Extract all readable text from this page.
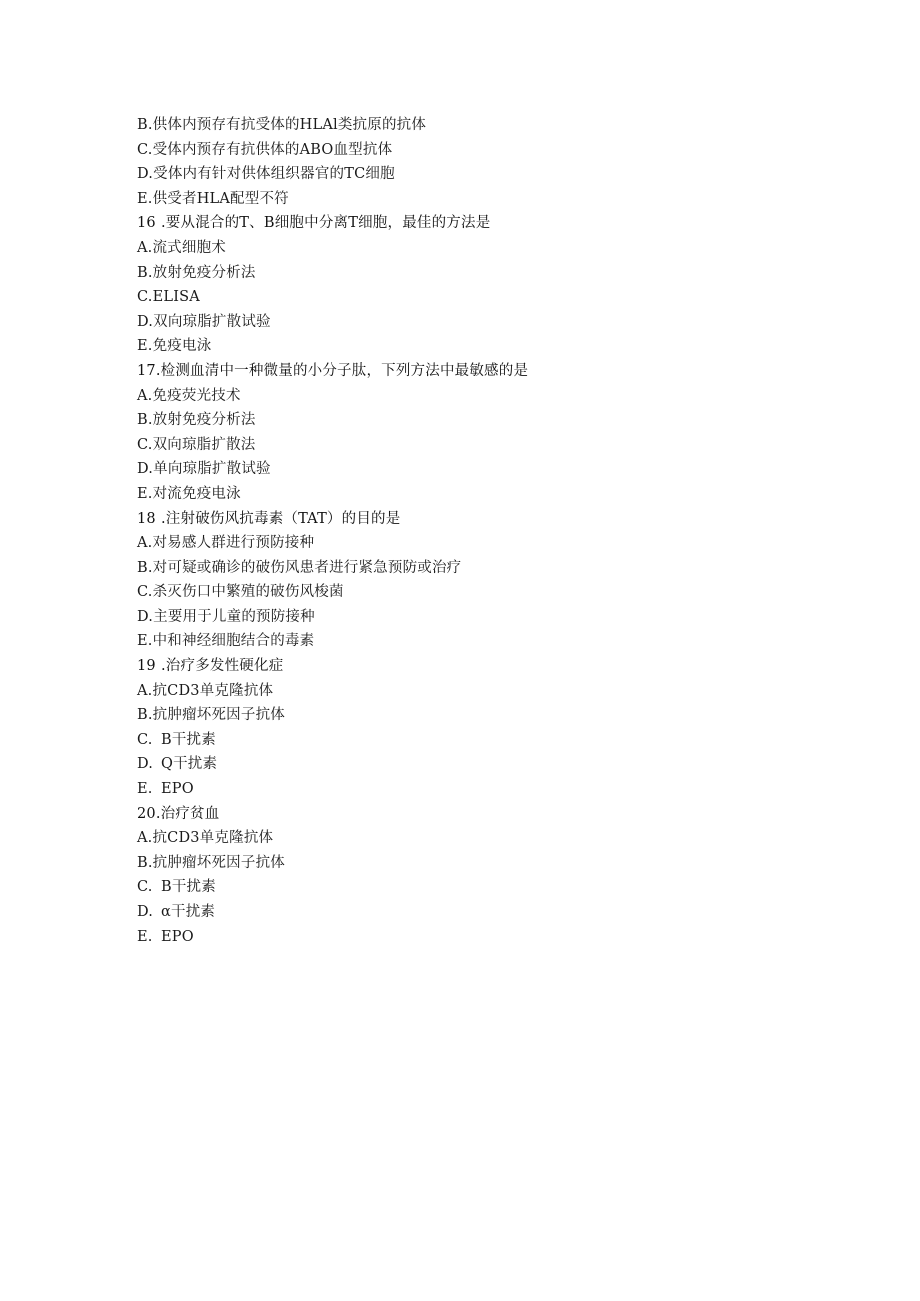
B.供体内预存有抗受体的HLAl类抗原的抗体
C.受体内预存有抗供体的ABO血型抗体
D.受体内有针对供体组织器官的TC细胞
E.供受者HLA配型不符
16	.要从混合的T、B细胞中分离T细胞，最佳的方法是
A.流式细胞术
B.放射免疫分析法
C.ELISA
D.双向琼脂扩散试验
E.免疫电泳
17.检测血清中一种微量的小分子肽，下列方法中最敏感的是
A.免疫荧光技术
B.放射免疫分析法
C.双向琼脂扩散法
D.单向琼脂扩散试验
E.对流免疫电泳
18	.注射破伤风抗毒素（TAT）的目的是
A.对易感人群进行预防接种
B.对可疑或确诊的破伤风患者进行紧急预防或治疗
C.杀灭伤口中繁殖的破伤风梭菌
D.主要用于儿童的预防接种
E.中和神经细胞结合的毒素
19	.治疗多发性硬化症
A.抗CD3单克隆抗体
B.抗肿瘤坏死因子抗体
C.	B干扰素
D.	Q干扰素
E.	EPO
20.治疗贫血
A.抗CD3单克隆抗体
B.抗肿瘤坏死因子抗体
C.	B干扰素
D.	α干扰素
E.	EPO
